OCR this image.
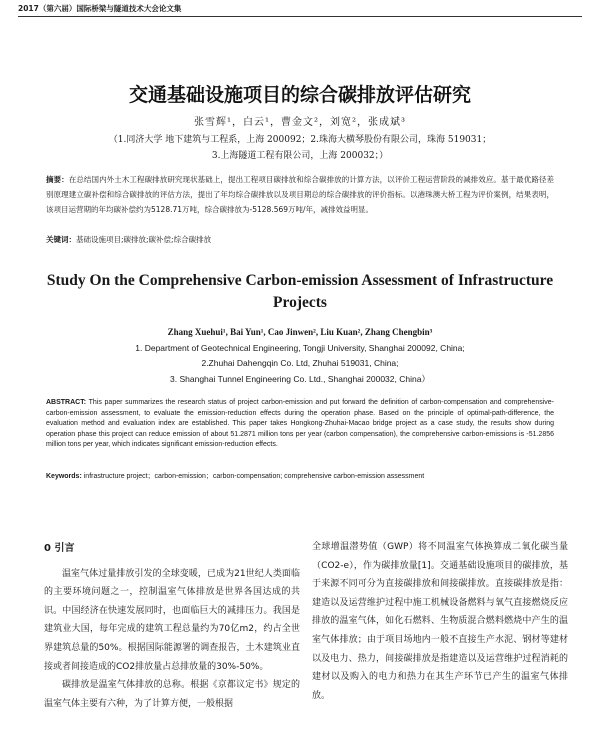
2017（第六届）国际桥梁与隧道技术大会论文集
交通基础设施项目的综合碳排放评估研究
张雪辉¹，白云¹，曹金文²，刘宽²，张成斌³
（1.同济大学 地下建筑与工程系，上海 200092；2.珠海大横琴股份有限公司，珠海 519031；
3.上海隧道工程有限公司，上海 200032；）
摘要：在总结国内外土木工程碳排放研究现状基础上，提出工程项目碳排放和综合碳排放的计算方法，以评价工程运营阶段的减排效应。基于最优路径差别原理建立碳补偿和综合碳排放的评估方法，提出了年均综合碳排放以及项目期总的综合碳排放的评价指标。以港珠澳大桥工程为评价案例，结果表明，该项目运营期的年均碳补偿约为5128.71万吨，综合碳排放为-5128.569万吨/年，减排效益明显。
关键词：基础设施项目;碳排放;碳补偿;综合碳排放
Study On the Comprehensive Carbon-emission Assessment of Infrastructure Projects
Zhang Xuehui¹, Bai Yun¹, Cao Jinwen², Liu Kuan², Zhang Chengbin³
1. Department of Geotechnical Engineering, Tongji University, Shanghai 200092, China;
2.Zhuhai Dahengqin Co. Ltd, Zhuhai 519031, China;
3. Shanghai Tunnel Engineering Co. Ltd., Shanghai 200032, China）
ABSTRACT: This paper summarizes the research status of project carbon-emission and put forward the definition of carbon-compensation and comprehensive-carbon-emission assessment, to evaluate the emission-reduction effects during the operation phase. Based on the principle of optimal-path-difference, the evaluation method and evaluation index are established. This paper takes Hongkong-Zhuhai-Macao bridge project as a case study, the results show during operation phase this project can reduce emission of about 51.2871 million tons per year (carbon compensation), the comprehensive carbon-emissions is -51.2856 million tons per year, which indicates significant emission-reduction effects.
Keywords: infrastructure project；carbon-emission；carbon-compensation; comprehensive carbon-emission assessment
0 引言

温室气体过量排放引发的全球变暖，已成为21世纪人类面临的主要环境问题之一，控制温室气体排放是世界各国达成的共识。中国经济在快速发展同时，也面临巨大的减排压力。我国是建筑业大国，每年完成的建筑工程总量约为70亿m2，约占全世界建筑总量的50%。根据国际能源署的调查报告，土木建筑业直接或者间接造成的CO2排放量占总排放量的30%-50%。

碳排放是温室气体排放的总称。根据《京都议定书》规定的温室气体主要有六种，为了计算方便，一般根据

全球增温潜势值（GWP）将不同温室气体换算成二氧化碳当量（CO2-e），作为碳排放量[1]。交通基础设施项目的碳排放，基于来源不同可分为直接碳排放和间接碳排放。直接碳排放是指：建造以及运营维护过程中施工机械设备燃料与氧气直接燃烧反应排放的温室气体，如化石燃料、生物质混合燃料燃烧中产生的温室气体排放；由于项目场地内一般不直接生产水泥、钢材等建材以及电力、热力，间接碳排放是指建造以及运营维护过程消耗的建材以及购入的电力和热力在其生产环节已产生的温室气体排放。
